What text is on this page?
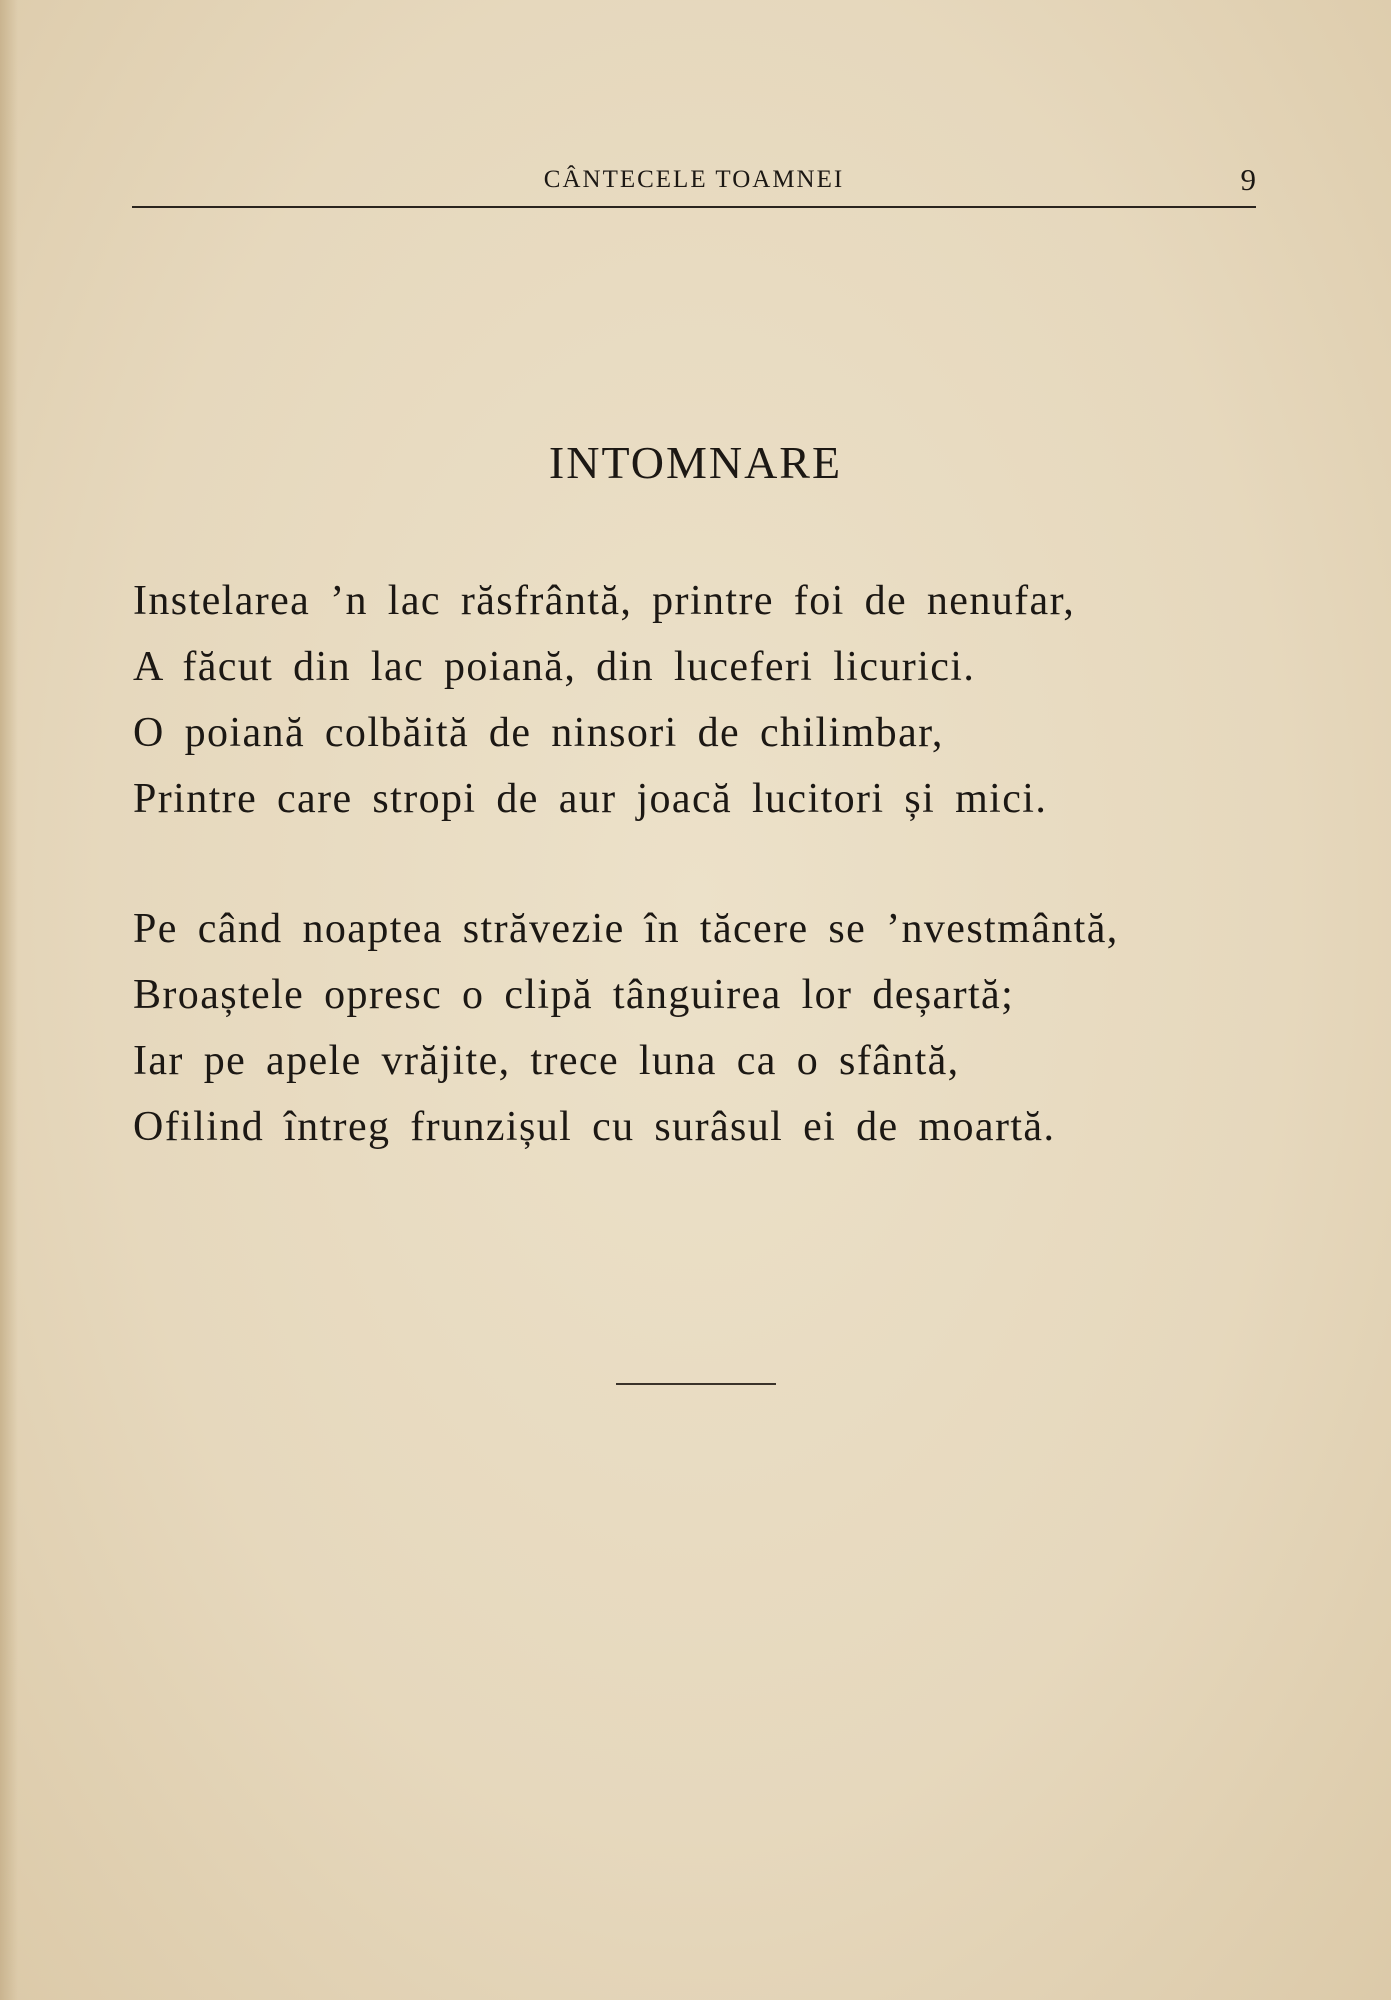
CÂNTECELE TOAMNEI	9
INTOMNARE
Instelarea ’n lac răsfrântă, printre foi de nenufar,
A făcut din lac poiană, din luceferi licurici.
O poiană colbăită de ninsori de chilimbar,
Printre care stropi de aur joacă lucitori și mici.
Pe când noaptea străvezie în tăcere se ’nvestmântă,
Broaștele opresc o clipă tânguirea lor deșartă;
Iar pe apele vrăjite, trece luna ca o sfântă,
Ofilind întreg frunzișul cu surâsul ei de moartă.
